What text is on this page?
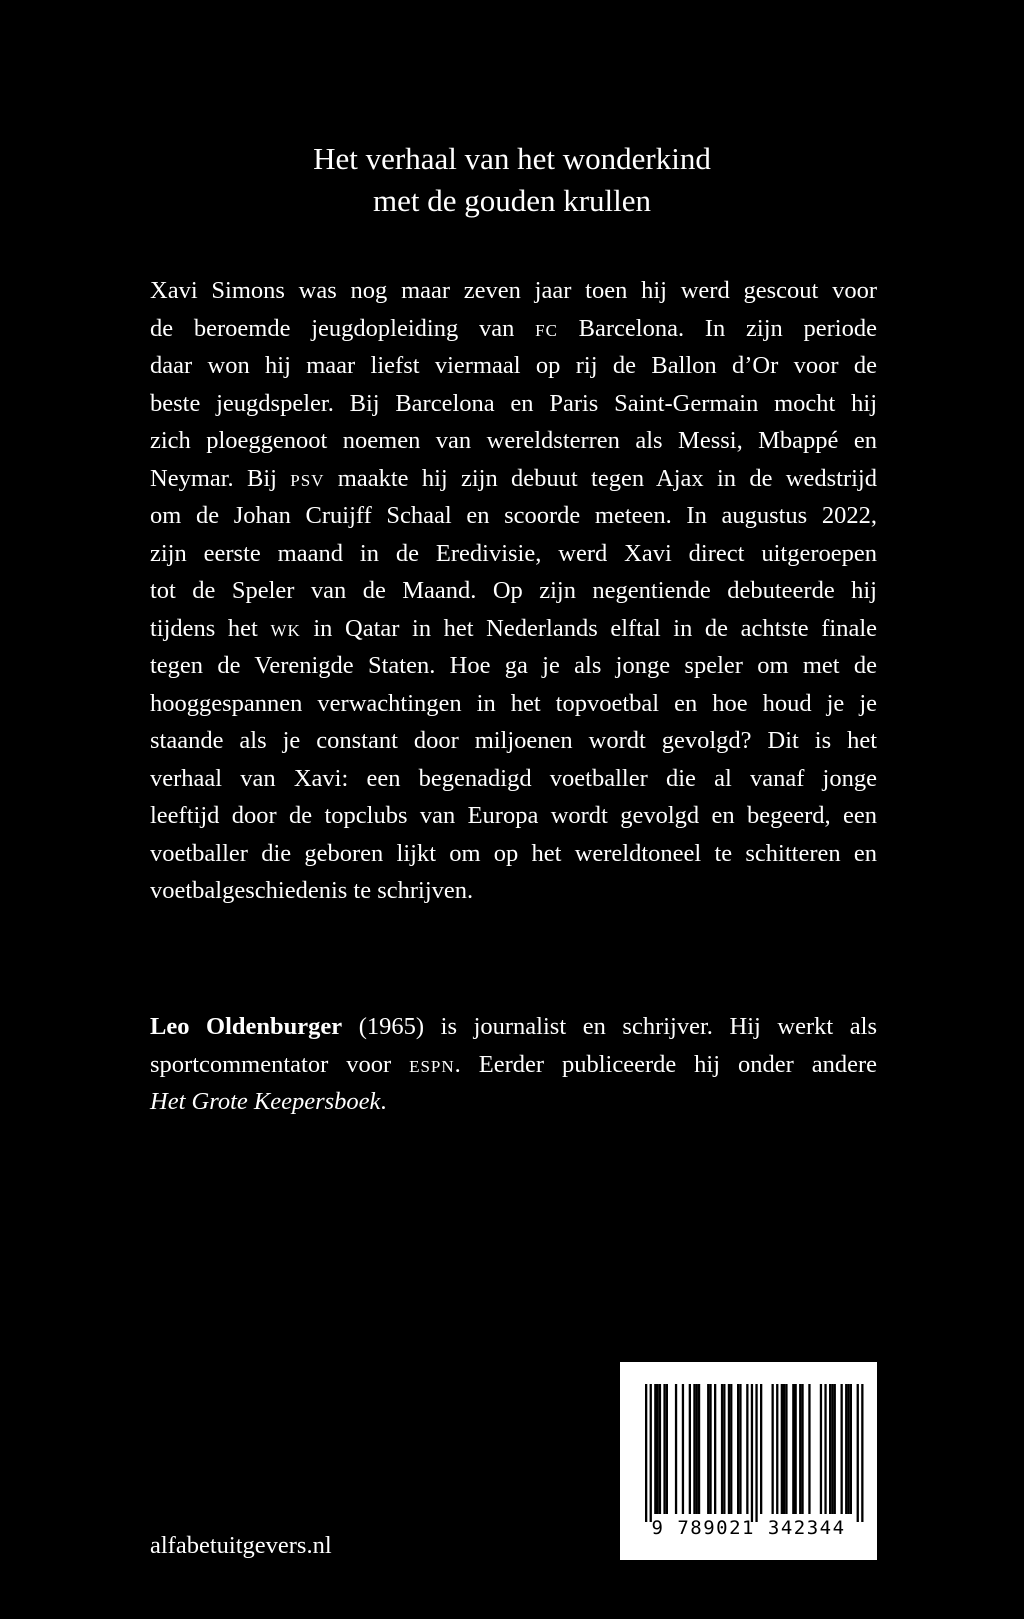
Het verhaal van het wonderkind
met de gouden krullen

Xavi Simons was nog maar zeven jaar toen hij werd gescout voor
de beroemde jeugdopleiding van fc Barcelona. In zijn periode
daar won hij maar liefst viermaal op rij de Ballon d’Or voor de
beste jeugdspeler. Bij Barcelona en Paris Saint-Germain mocht hij
zich ploeggenoot noemen van wereldsterren als Messi, Mbappé en
Neymar. Bij psv maakte hij zijn debuut tegen Ajax in de wedstrijd
om de Johan Cruijff Schaal en scoorde meteen. In augustus 2022,
zijn eerste maand in de Eredivisie, werd Xavi direct uitgeroepen
tot de Speler van de Maand. Op zijn negentiende debuteerde hij
tijdens het wk in Qatar in het Nederlands elftal in de achtste finale
tegen de Verenigde Staten. Hoe ga je als jonge speler om met de
hooggespannen verwachtingen in het topvoetbal en hoe houd je je
staande als je constant door miljoenen wordt gevolgd? Dit is het
verhaal van Xavi: een begenadigd voetballer die al vanaf jonge
leeftijd door de topclubs van Europa wordt gevolgd en begeerd, een
voetballer die geboren lijkt om op het wereldtoneel te schitteren en
voetbalgeschiedenis te schrijven.

Leo Oldenburger (1965) is journalist en schrijver. Hij werkt als
sportcommentator voor espn. Eerder publiceerde hij onder andere
Het Grote Keepersboek.

9 789021 342344

alfabetuitgevers.nl
